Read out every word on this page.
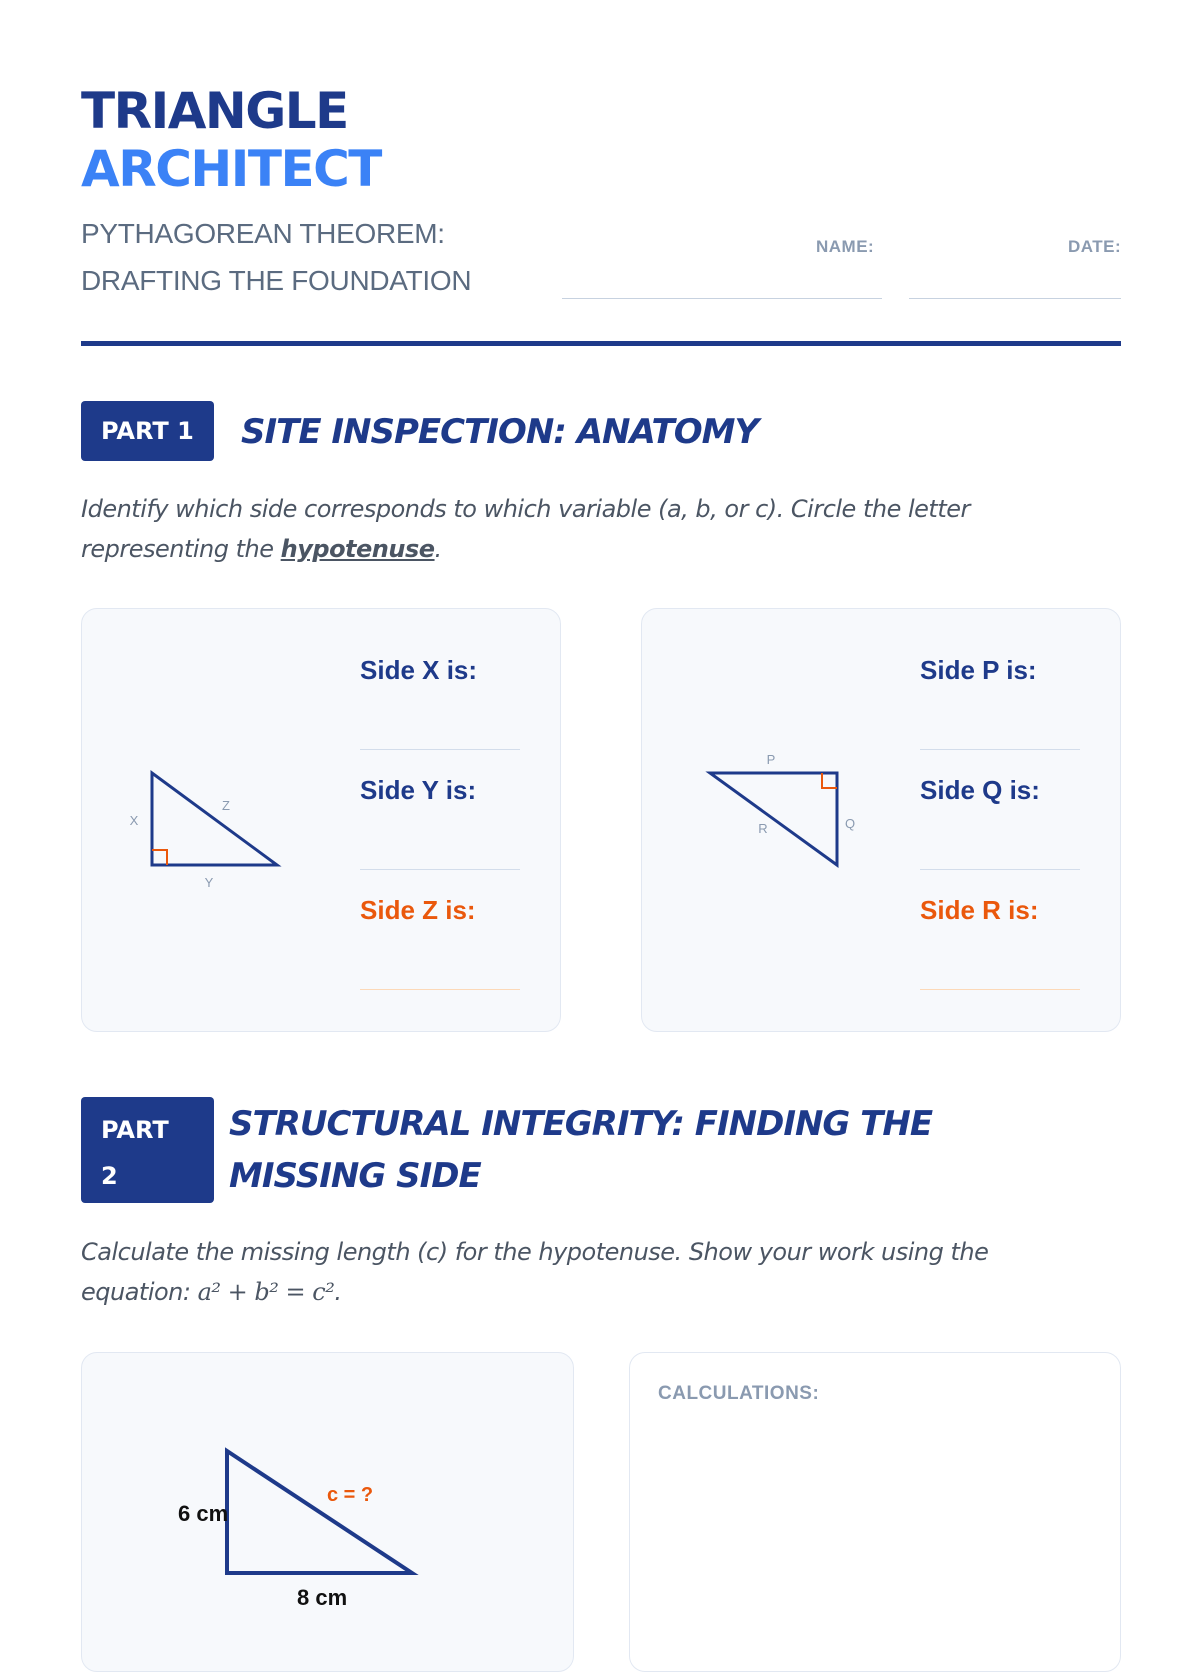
TRIANGLE
ARCHITECT
PYTHAGOREAN THEOREM:
DRAFTING THE FOUNDATION
NAME:	DATE:
PART 1	SITE INSPECTION: ANATOMY
Identify which side corresponds to which variable (a, b, or c). Circle the letter representing the hypotenuse.
X
Y
Z
Side X is:
Side Y is:
Side Z is:
P
Q
R
Side P is:
Side Q is:
Side R is:
PART
2
STRUCTURAL INTEGRITY: FINDING THE
MISSING SIDE
Calculate the missing length (c) for the hypotenuse. Show your work using the equation: a² + b² = c².
6 cm
c = ?
8 cm
CALCULATIONS:
